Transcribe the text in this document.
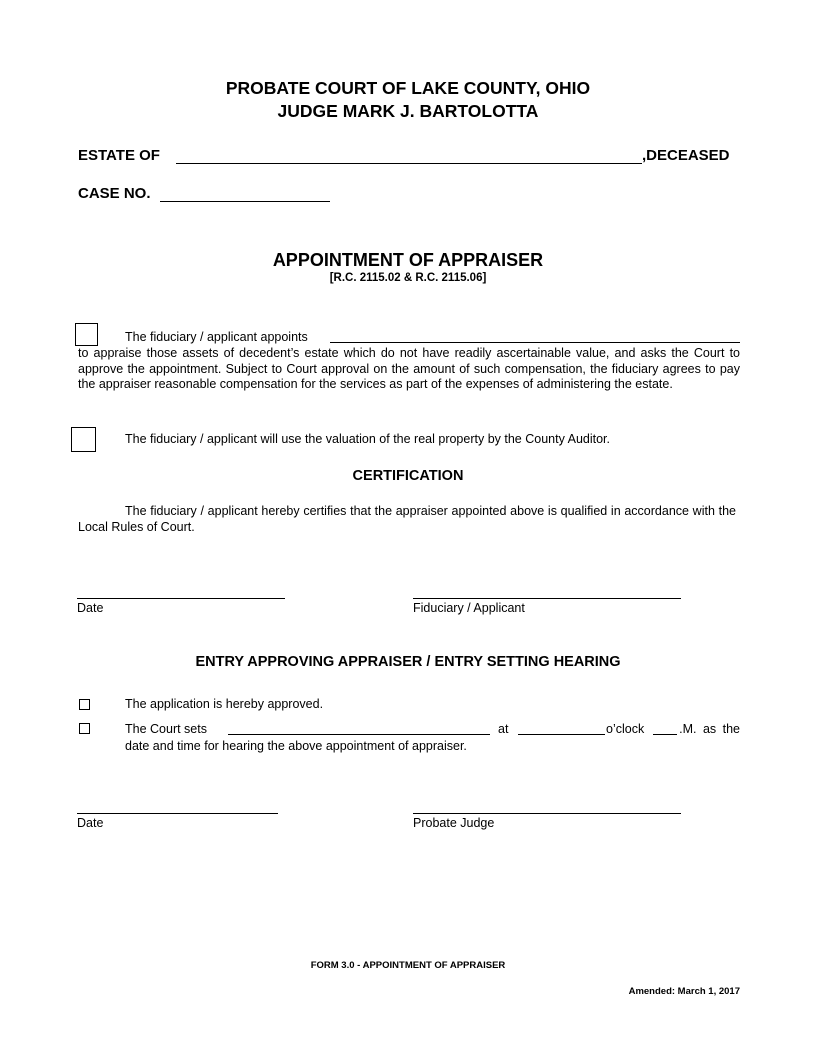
PROBATE COURT OF LAKE COUNTY, OHIO
JUDGE MARK J. BARTOLOTTA
ESTATE OF	,DECEASED
CASE NO.
APPOINTMENT OF APPRAISER
[R.C. 2115.02 & R.C. 2115.06]
The fiduciary / applicant appoints
to appraise those assets of decedent’s estate which do not have readily ascertainable value, and asks the Court to approve the appointment. Subject to Court approval on the amount of such compensation, the fiduciary agrees to pay the appraiser reasonable compensation for the services as part of the expenses of administering the estate.
The fiduciary / applicant will use the valuation of the real property by the County Auditor.
CERTIFICATION
The fiduciary / applicant hereby certifies that the appraiser appointed above is qualified in accordance with the Local Rules of Court.
Date	Fiduciary / Applicant
ENTRY APPROVING APPRAISER / ENTRY SETTING HEARING
The application is hereby approved.
The Court sets	at	o’clock	.M. as the
date and time for hearing the above appointment of appraiser.
Date	Probate Judge
FORM 3.0 - APPOINTMENT OF APPRAISER
Amended: March 1, 2017
